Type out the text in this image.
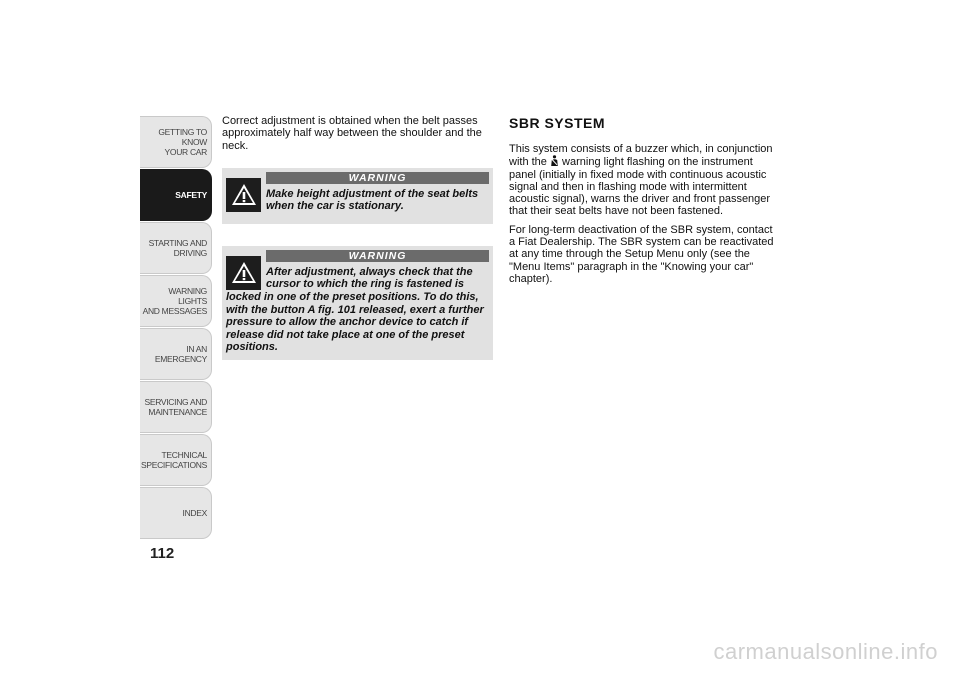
GETTING TO KNOW
YOUR CAR
SAFETY
STARTING AND
DRIVING
WARNING LIGHTS
AND MESSAGES
IN AN EMERGENCY
SERVICING AND
MAINTENANCE
TECHNICAL
SPECIFICATIONS
INDEX
112

Correct adjustment is obtained when the belt passes approximately half way between the shoulder and the neck.

WARNING

Make height adjustment of the seat belts when the car is stationary.

WARNING

After adjustment, always check that the cursor to which the ring is fastened is
locked in one of the preset positions. To do this, with the button A fig. 101 released, exert a further pressure to allow the anchor device to catch if release did not take place at one of the preset positions.

SBR SYSTEM

This system consists of a buzzer which, in conjunction with the warning light flashing on the instrument panel (initially in fixed mode with continuous acoustic signal and then in flashing mode with intermittent acoustic signal), warns the driver and front passenger that their seat belts have not been fastened.

For long-term deactivation of the SBR system, contact a Fiat Dealership. The SBR system can be reactivated at any time through the Setup Menu only (see the "Menu Items" paragraph in the "Knowing your car" chapter).

carmanualsonline.info
